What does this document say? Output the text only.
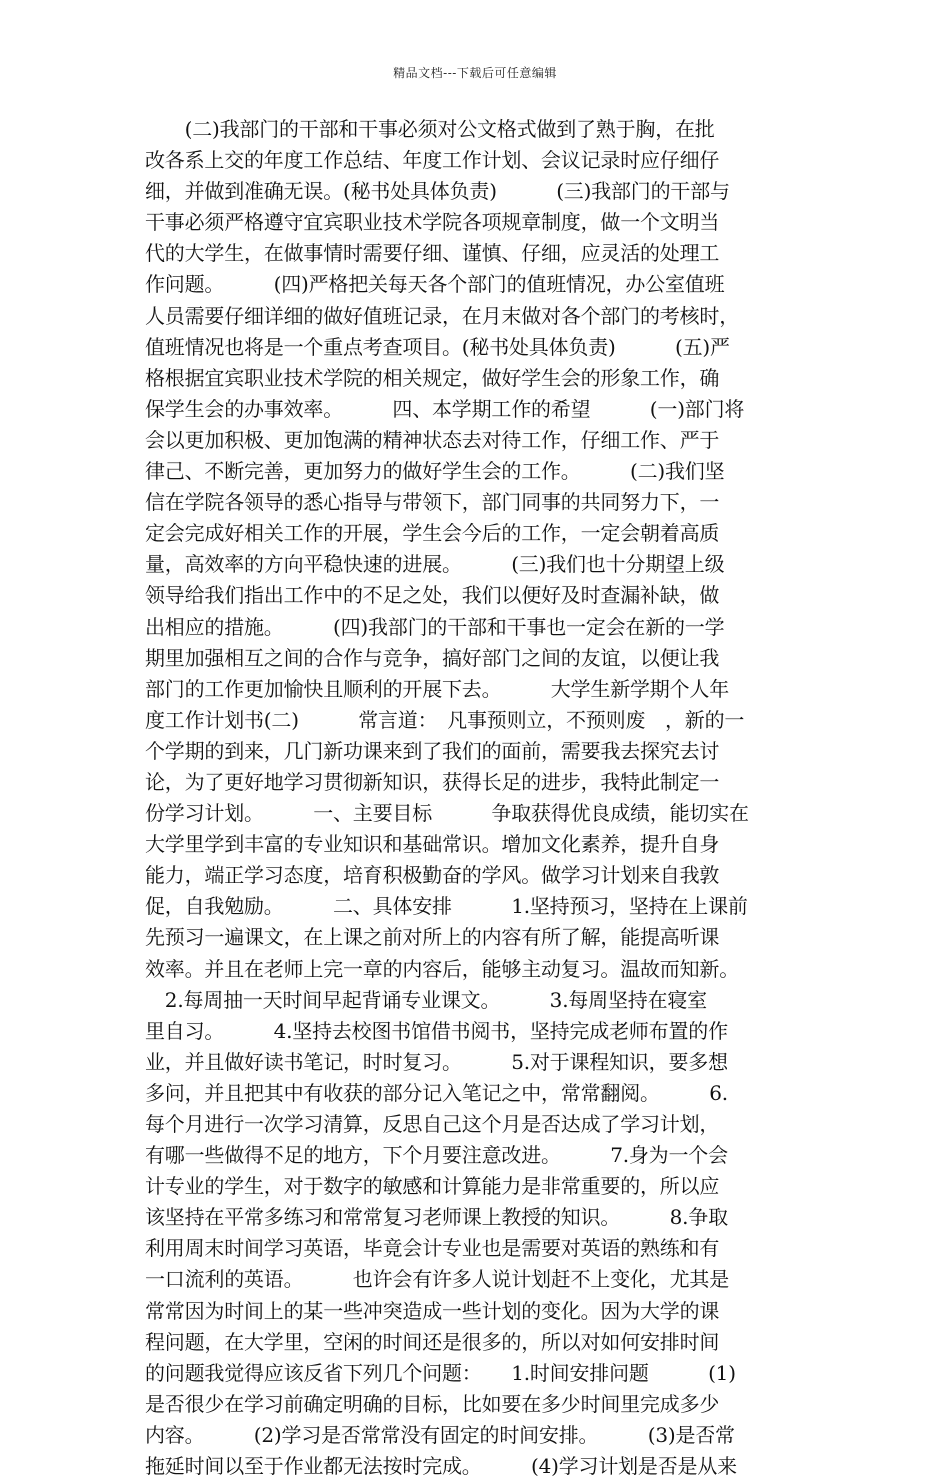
精品文档---下载后可任意编辑
　　(二)我部门的干部和干事必须对公文格式做到了熟于胸，在批
改各系上交的年度工作总结、年度工作计划、会议记录时应仔细仔
细，并做到准确无误。(秘书处具体负责)　　　(三)我部门的干部与
干事必须严格遵守宜宾职业技术学院各项规章制度，做一个文明当
代的大学生，在做事情时需要仔细、谨慎、仔细，应灵活的处理工
作问题。　　　(四)严格把关每天各个部门的值班情况，办公室值班
人员需要仔细详细的做好值班记录，在月末做对各个部门的考核时，
值班情况也将是一个重点考查项目。(秘书处具体负责)　　　(五)严
格根据宜宾职业技术学院的相关规定，做好学生会的形象工作，确
保学生会的办事效率。　　　四、本学期工作的希望　　　(一)部门将
会以更加积极、更加饱满的精神状态去对待工作，仔细工作、严于
律己、不断完善，更加努力的做好学生会的工作。　　　(二)我们坚
信在学院各领导的悉心指导与带领下，部门同事的共同努力下，一
定会完成好相关工作的开展，学生会今后的工作，一定会朝着高质
量，高效率的方向平稳快速的进展。　　　(三)我们也十分期望上级
领导给我们指出工作中的不足之处，我们以便好及时查漏补缺，做
出相应的措施。　　　(四)我部门的干部和干事也一定会在新的一学
期里加强相互之间的合作与竞争，搞好部门之间的友谊，以便让我
部门的工作更加愉快且顺利的开展下去。　　　大学生新学期个人年
度工作计划书(二)　　　常言道：　凡事预则立，不预则废　，新的一
个学期的到来，几门新功课来到了我们的面前，需要我去探究去讨
论，为了更好地学习贯彻新知识，获得长足的进步，我特此制定一
份学习计划。　　　一、主要目标　　　争取获得优良成绩，能切实在
大学里学到丰富的专业知识和基础常识。增加文化素养，提升自身
能力，端正学习态度，培育积极勤奋的学风。做学习计划来自我敦
促，自我勉励。　　　二、具体安排　　　1.坚持预习，坚持在上课前
先预习一遍课文，在上课之前对所上的内容有所了解，能提高听课
效率。并且在老师上完一章的内容后，能够主动复习。温故而知新。
　2.每周抽一天时间早起背诵专业课文。　　　3.每周坚持在寝室
里自习。　　　4.坚持去校图书馆借书阅书，坚持完成老师布置的作
业，并且做好读书笔记，时时复习。　　　5.对于课程知识，要多想
多问，并且把其中有收获的部分记入笔记之中，常常翻阅。　　　6.
每个月进行一次学习清算，反思自己这个月是否达成了学习计划，
有哪一些做得不足的地方，下个月要注意改进。　　　7.身为一个会
计专业的学生，对于数字的敏感和计算能力是非常重要的，所以应
该坚持在平常多练习和常常复习老师课上教授的知识。　　　8.争取
利用周末时间学习英语，毕竟会计专业也是需要对英语的熟练和有
一口流利的英语。　　　也许会有许多人说计划赶不上变化，尤其是
常常因为时间上的某一些冲突造成一些计划的变化。因为大学的课
程问题，在大学里，空闲的时间还是很多的，所以对如何安排时间
的问题我觉得应该反省下列几个问题：　　1.时间安排问题　　　(1)
是否很少在学习前确定明确的目标，比如要在多少时间里完成多少
内容。　　　(2)学习是否常常没有固定的时间安排。　　　(3)是否常
拖延时间以至于作业都无法按时完成。　　　(4)学习计划是否是从来
